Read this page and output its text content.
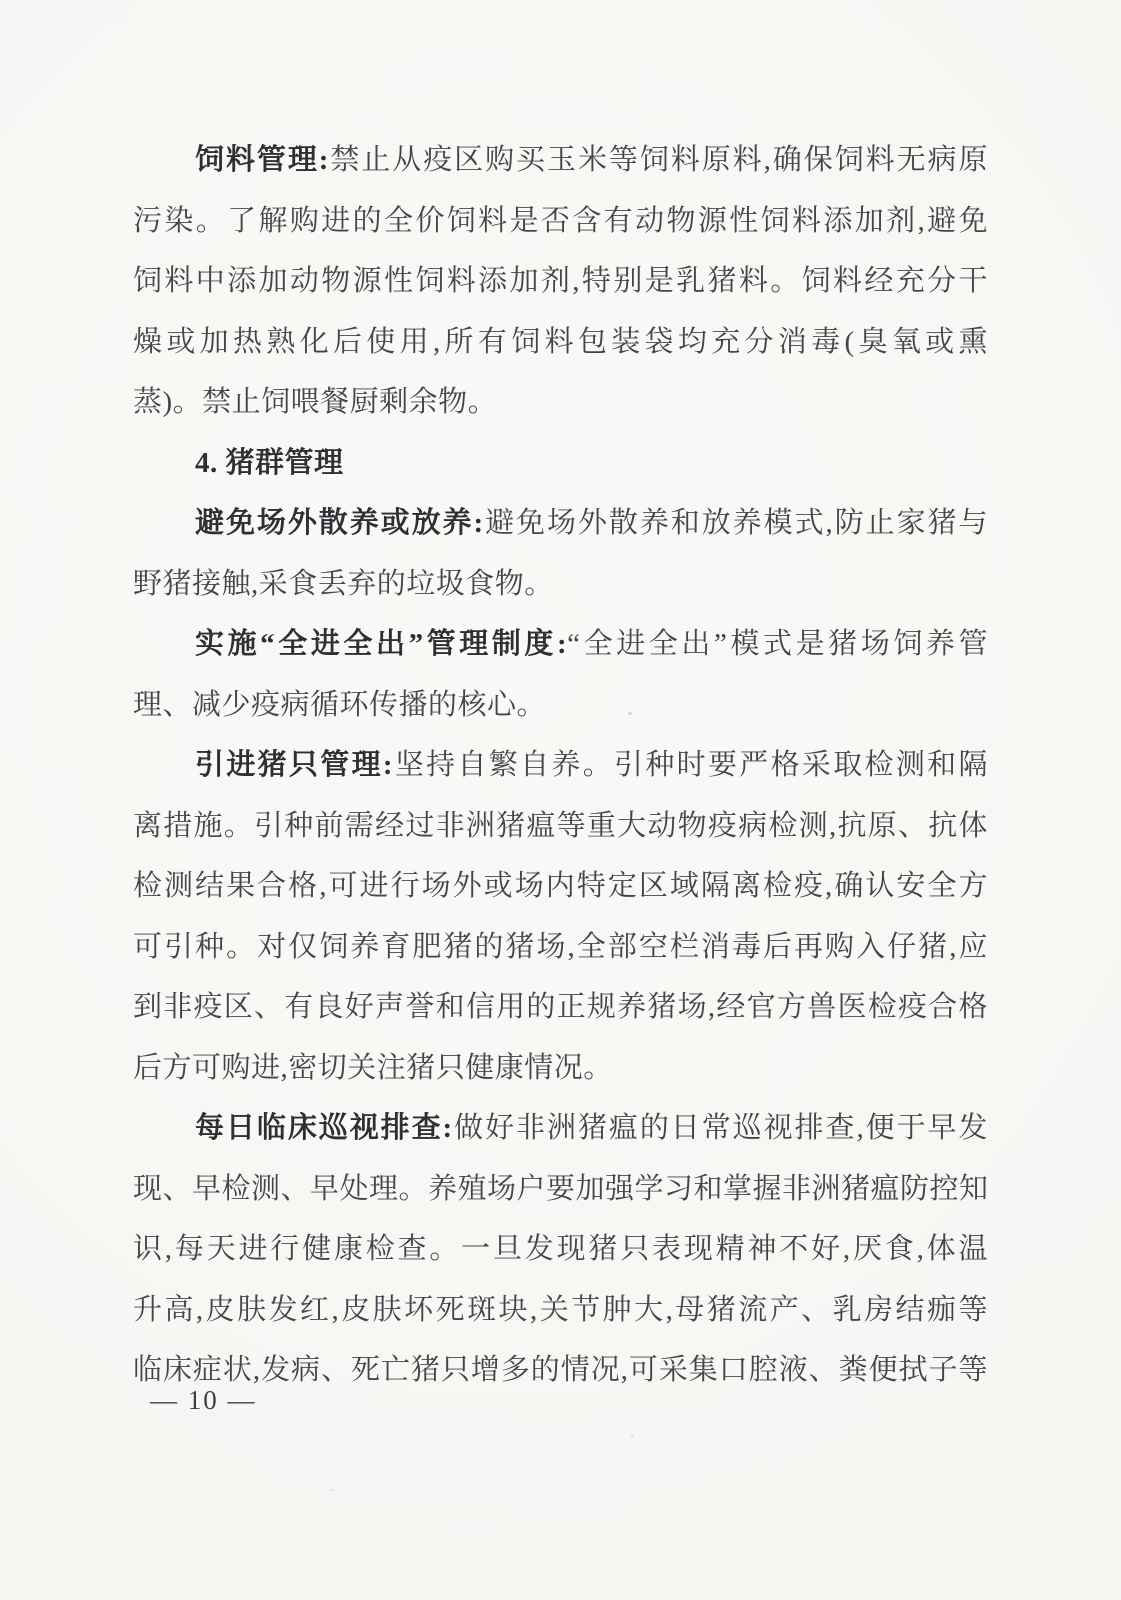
饲料管理:禁止从疫区购买玉米等饲料原料,确保饲料无病原
污染。了解购进的全价饲料是否含有动物源性饲料添加剂,避免
饲料中添加动物源性饲料添加剂,特别是乳猪料。饲料经充分干
燥或加热熟化后使用,所有饲料包装袋均充分消毒(臭氧或熏
蒸)。禁止饲喂餐厨剩余物。
4. 猪群管理
避免场外散养或放养:避免场外散养和放养模式,防止家猪与
野猪接触,采食丢弃的垃圾食物。
实施“全进全出”管理制度:“全进全出”模式是猪场饲养管
理、减少疫病循环传播的核心。
引进猪只管理:坚持自繁自养。引种时要严格采取检测和隔
离措施。引种前需经过非洲猪瘟等重大动物疫病检测,抗原、抗体
检测结果合格,可进行场外或场内特定区域隔离检疫,确认安全方
可引种。对仅饲养育肥猪的猪场,全部空栏消毒后再购入仔猪,应
到非疫区、有良好声誉和信用的正规养猪场,经官方兽医检疫合格
后方可购进,密切关注猪只健康情况。
每日临床巡视排查:做好非洲猪瘟的日常巡视排查,便于早发
现、早检测、早处理。养殖场户要加强学习和掌握非洲猪瘟防控知
识,每天进行健康检查。一旦发现猪只表现精神不好,厌食,体温
升高,皮肤发红,皮肤坏死斑块,关节肿大,母猪流产、乳房结痂等
临床症状,发病、死亡猪只增多的情况,可采集口腔液、粪便拭子等
— 10 —
